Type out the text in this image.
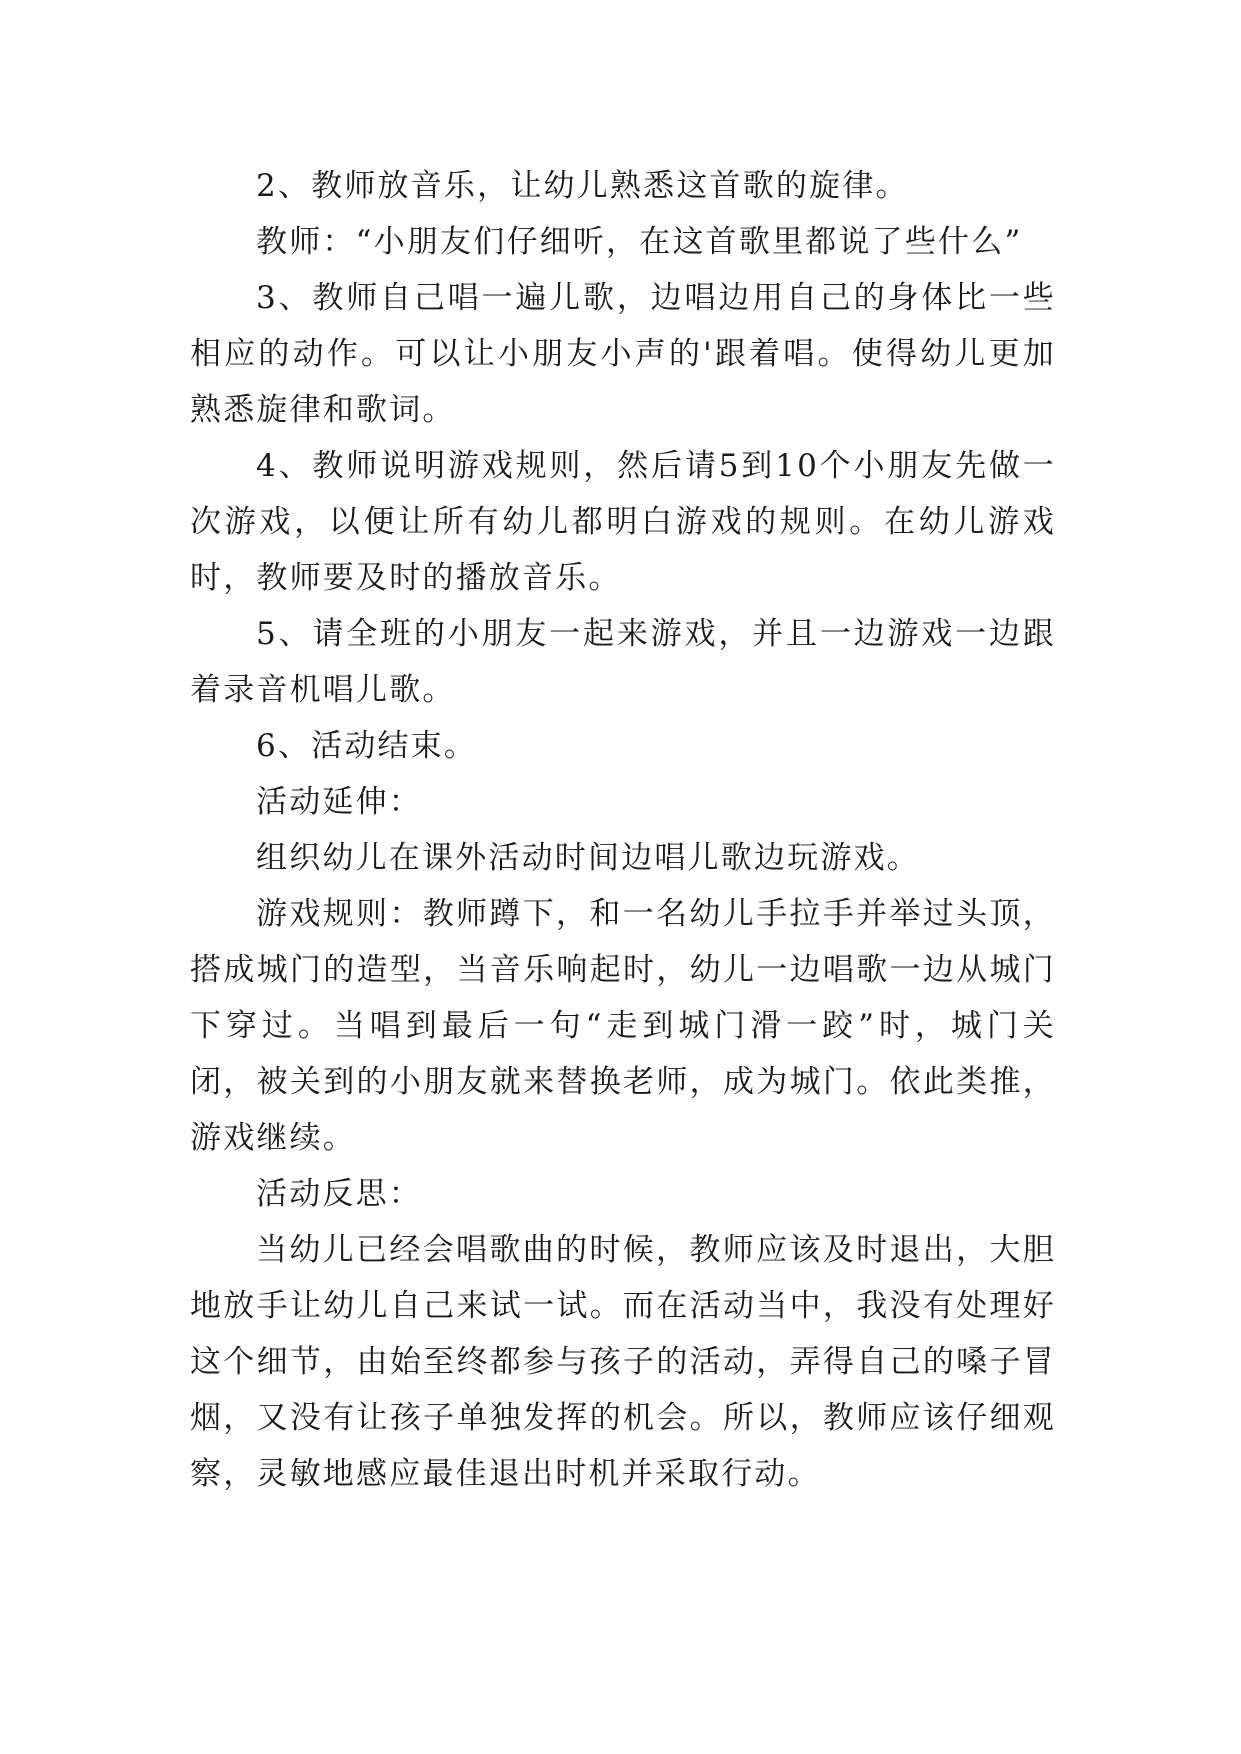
2、教师放音乐，让幼儿熟悉这首歌的旋律。

教师：“小朋友们仔细听，在这首歌里都说了些什么”

3、教师自己唱一遍儿歌，边唱边用自己的身体比一些相应的动作。可以让小朋友小声的'跟着唱。使得幼儿更加熟悉旋律和歌词。

4、教师说明游戏规则，然后请5到10个小朋友先做一次游戏，以便让所有幼儿都明白游戏的规则。在幼儿游戏时，教师要及时的播放音乐。

5、请全班的小朋友一起来游戏，并且一边游戏一边跟着录音机唱儿歌。

6、活动结束。

活动延伸：

组织幼儿在课外活动时间边唱儿歌边玩游戏。

游戏规则：教师蹲下，和一名幼儿手拉手并举过头顶，搭成城门的造型，当音乐响起时，幼儿一边唱歌一边从城门下穿过。当唱到最后一句“走到城门滑一跤”时，城门关闭，被关到的小朋友就来替换老师，成为城门。依此类推，游戏继续。

活动反思：

当幼儿已经会唱歌曲的时候，教师应该及时退出，大胆地放手让幼儿自己来试一试。而在活动当中，我没有处理好这个细节，由始至终都参与孩子的活动，弄得自己的嗓子冒烟，又没有让孩子单独发挥的机会。所以，教师应该仔细观察，灵敏地感应最佳退出时机并采取行动。
